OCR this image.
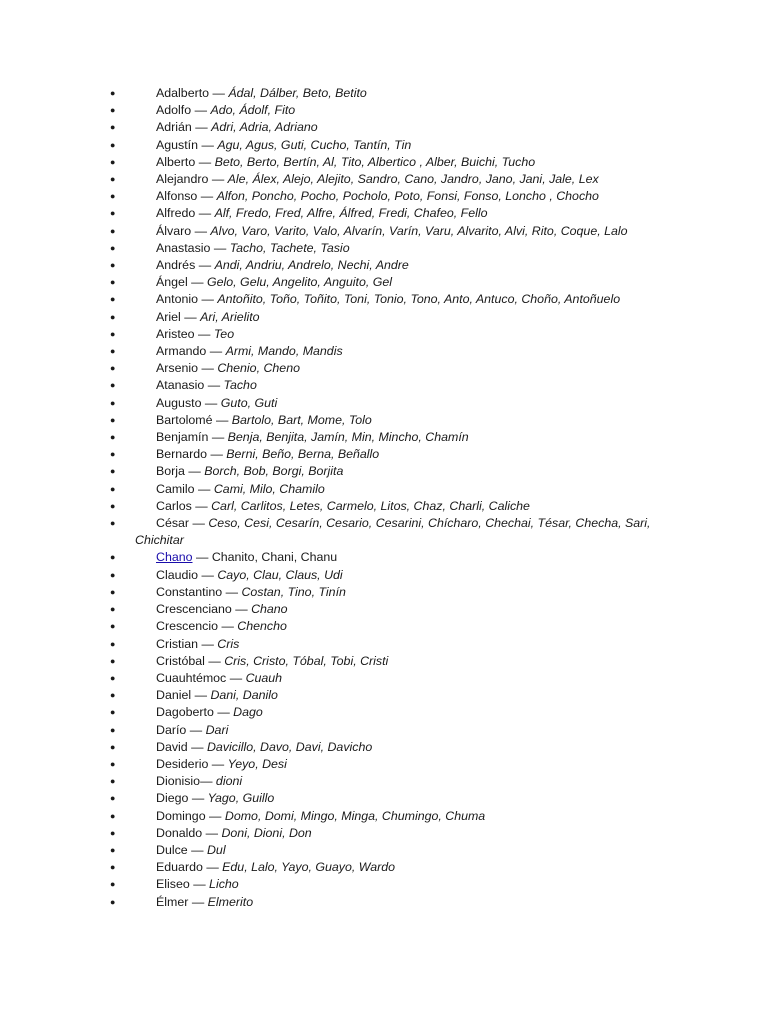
●	Adalberto — Ádal, Dálber, Beto, Betito
●	Adolfo — Ado, Ádolf, Fito
●	Adrián — Adri, Adria, Adriano
●	Agustín — Agu, Agus, Guti, Cucho, Tantín, Tin
●	Alberto — Beto, Berto, Bertín, Al, Tito, Albertico , Alber, Buichi, Tucho
●	Alejandro — Ale, Álex, Alejo, Alejito, Sandro, Cano, Jandro, Jano, Jani, Jale, Lex
●	Alfonso — Alfon, Poncho, Pocho, Pocholo, Poto, Fonsi, Fonso, Loncho , Chocho
●	Alfredo — Alf, Fredo, Fred, Alfre, Álfred, Fredi, Chafeo, Fello
●	Álvaro — Alvo, Varo, Varito, Valo, Alvarín, Varín, Varu, Alvarito, Alvi, Rito, Coque, Lalo
●	Anastasio — Tacho, Tachete, Tasio
●	Andrés — Andi, Andriu, Andrelo, Nechi, Andre
●	Ángel — Gelo, Gelu, Angelito, Anguito, Gel
●	Antonio — Antoñito, Toño, Toñito, Toni, Tonio, Tono, Anto, Antuco, Choño, Antoñuelo
●	Ariel — Ari, Arielito
●	Aristeo — Teo
●	Armando — Armi, Mando, Mandis
●	Arsenio — Chenio, Cheno
●	Atanasio — Tacho
●	Augusto — Guto, Guti
●	Bartolomé — Bartolo, Bart, Mome, Tolo
●	Benjamín — Benja, Benjita, Jamín, Min, Mincho, Chamín
●	Bernardo — Berni, Beño, Berna, Beñallo
●	Borja — Borch, Bob, Borgi, Borjita
●	Camilo — Cami, Milo, Chamilo
●	Carlos — Carl, Carlitos, Letes, Carmelo, Litos, Chaz, Charli, Caliche
●	César — Ceso, Cesi, Cesarín, Cesario, Cesarini, Chícharo, Chechai, Tésar, Checha, Sari, Chichitar
●	Chano — Chanito, Chani, Chanu
●	Claudio — Cayo, Clau, Claus, Udi
●	Constantino — Costan, Tino, Tinín
●	Crescenciano — Chano
●	Crescencio — Chencho
●	Cristian — Cris
●	Cristóbal — Cris, Cristo, Tóbal, Tobi, Cristi
●	Cuauhtémoc — Cuauh
●	Daniel — Dani, Danilo
●	Dagoberto — Dago
●	Darío — Dari
●	David — Davicillo, Davo, Davi, Davicho
●	Desiderio — Yeyo, Desi
●	Dionisio— dioni
●	Diego — Yago, Guillo
●	Domingo — Domo, Domi, Mingo, Minga, Chumingo, Chuma
●	Donaldo — Doni, Dioni, Don
●	Dulce — Dul
●	Eduardo — Edu, Lalo, Yayo, Guayo, Wardo
●	Eliseo — Licho
●	Élmer — Elmerito
